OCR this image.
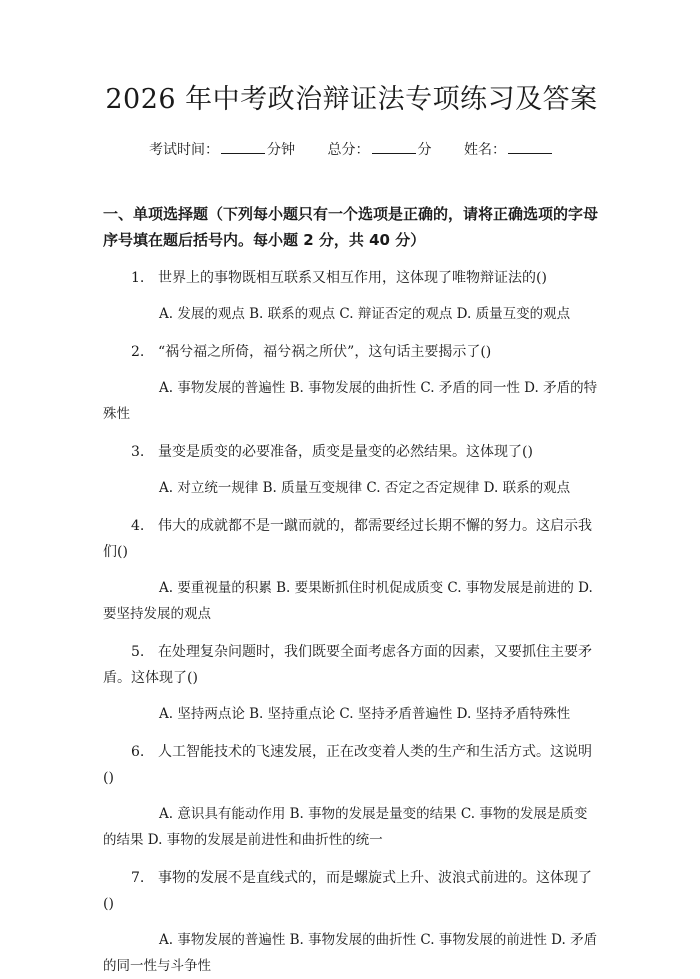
2026 年中考政治辩证法专项练习及答案
考试时间：	分钟 总分：	分 姓名：
一、单项选择题（下列每小题只有一个选项是正确的，请将正确选项的字母序号填在题后括号内。每小题 2 分，共 40 分）
1. 世界上的事物既相互联系又相互作用，这体现了唯物辩证法的()
A. 发展的观点 B. 联系的观点 C. 辩证否定的观点 D. 质量互变的观点
2. “祸兮福之所倚，福兮祸之所伏”，这句话主要揭示了()
A. 事物发展的普遍性 B. 事物发展的曲折性 C. 矛盾的同一性 D. 矛盾的特殊性
3. 量变是质变的必要准备，质变是量变的必然结果。这体现了()
A. 对立统一规律 B. 质量互变规律 C. 否定之否定规律 D. 联系的观点
4. 伟大的成就都不是一蹴而就的，都需要经过长期不懈的努力。这启示我们()
A. 要重视量的积累 B. 要果断抓住时机促成质变 C. 事物发展是前进的 D. 要坚持发展的观点
5. 在处理复杂问题时，我们既要全面考虑各方面的因素，又要抓住主要矛盾。这体现了()
A. 坚持两点论 B. 坚持重点论 C. 坚持矛盾普遍性 D. 坚持矛盾特殊性
6. 人工智能技术的飞速发展，正在改变着人类的生产和生活方式。这说明()
A. 意识具有能动作用 B. 事物的发展是量变的结果 C. 事物的发展是质变的结果 D. 事物的发展是前进性和曲折性的统一
7. 事物的发展不是直线式的，而是螺旋式上升、波浪式前进的。这体现了()
A. 事物发展的普遍性 B. 事物发展的曲折性 C. 事物发展的前进性 D. 矛盾的同一性与斗争性
